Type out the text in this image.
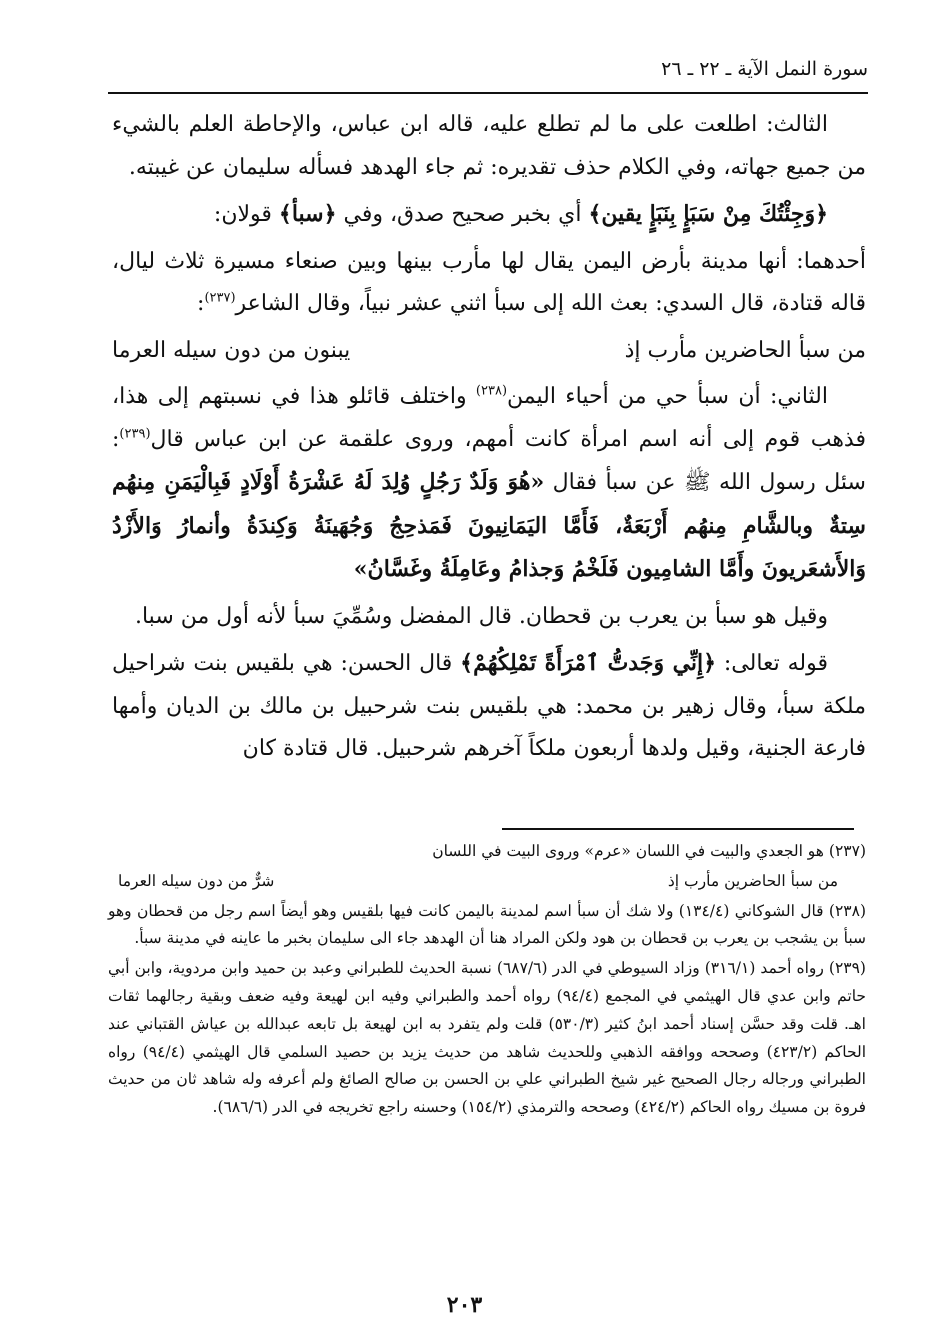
سورة النمل الآية ـ ٢٢ ـ ٢٦

الثالث: اطلعت على ما لم تطلع عليه، قاله ابن عباس، والإحاطة العلم بالشيء من جميع جهاته، وفي الكلام حذف تقديره: ثم جاء الهدهد فسأله سليمان عن غيبته.

﴿وَجِئْتُكَ مِنْ سَبَإٍ بِنَبَإٍ يقين﴾ أي بخبر صحيح صدق، وفي ﴿سبأ﴾ قولان:

أحدهما: أنها مدينة بأرض اليمن يقال لها مأرب بينها وبين صنعاء مسيرة ثلاث ليال، قاله قتادة، قال السدي: بعث الله إلى سبأ اثني عشر نبياً، وقال الشاعر$^{(٢٣٧)}$:

من سبأ الحاضرين مأرب إذ
يبنون من دون سيله العرما

الثاني: أن سبأ حي من أحياء اليمن$^{(٢٣٨)}$ واختلف قائلو هذا في نسبتهم إلى هذا، فذهب قوم إلى أنه اسم امرأة كانت أمهم، وروى علقمة عن ابن عباس قال$^{(٢٣٩)}$: سئل رسول الله ﷺ عن سبأ فقال «هُوَ وَلَدٌ رَجُلٍ وُلِدَ لَهُ عَشْرَةُ أَوْلَادٍ فَبِالْيَمَنِ مِنهُم سِتةٌ وبالشَّامِ مِنهُم أَرْبَعَةٌ، فَأَمَّا اليَمَانِيونَ فَمَذحِجُ وَجُهَينَةُ وَكِندَةُ وأنمارُ وَالأَزْدُ وَالأَشعَريونَ وأَمَّا الشامِيون فَلَخْمُ وَجذامُ وعَامِلَةُ وغَسَّانُ»

وقيل هو سبأ بن يعرب بن قحطان. قال المفضل وسُمِّيَ سبأ لأنه أول من سبا.

قوله تعالى: ﴿إِنِّي وَجَدتُّ ٱمْرَأَةً تَمْلِكُهُمْ﴾ قال الحسن: هي بلقيس بنت شراحيل ملكة سبأ، وقال زهير بن محمد: هي بلقيس بنت شرحبيل بن مالك بن الديان وأمها فارعة الجنية، وقيل ولدها أربعون ملكاً آخرهم شرحبيل. قال قتادة كان

(٢٣٧) هو الجعدي والبيت في اللسان «عرم» وروى البيت في اللسان

من سبأ الحاضرين مأرب إذ
شرٌّ من دون سيله العرما

(٢٣٨) قال الشوكاني (١٣٤/٤) ولا شك أن سبأ اسم لمدينة باليمن كانت فيها بلقيس وهو أيضاً اسم رجل من قحطان وهو سبأ بن يشجب بن يعرب بن قحطان بن هود ولكن المراد هنا أن الهدهد جاء الى سليمان بخبر ما عاينه في مدينة سبأ.

(٢٣٩) رواه أحمد (٣١٦/١) وزاد السيوطي في الدر (٦٨٧/٦) نسبة الحديث للطبراني وعبد بن حميد وابن مردوية، وابن أبي حاتم وابن عدي قال الهيثمي في المجمع (٩٤/٤) رواه أحمد والطبراني وفيه ابن لهيعة وفيه ضعف وبقية رجالهما ثقات اهـ. قلت وقد حسَّن إسناد أحمد ابنُ كثير (٥٣٠/٣) قلت ولم يتفرد به ابن لهيعة بل تابعه عبدالله بن عياش القتباني عند الحاكم (٤٢٣/٢) وصححه ووافقه الذهبي وللحديث شاهد من حديث يزيد بن حصيد السلمي قال الهيثمي (٩٤/٤) رواه الطبراني ورجاله رجال الصحيح غير شيخ الطبراني علي بن الحسن بن صالح الصائغ ولم أعرفه وله شاهد ثان من حديث فروة بن مسيك رواه الحاكم (٤٢٤/٢) وصححه والترمذي (١٥٤/٢) وحسنه راجع تخريجه في الدر (٦٨٦/٦).

٢٠٣
